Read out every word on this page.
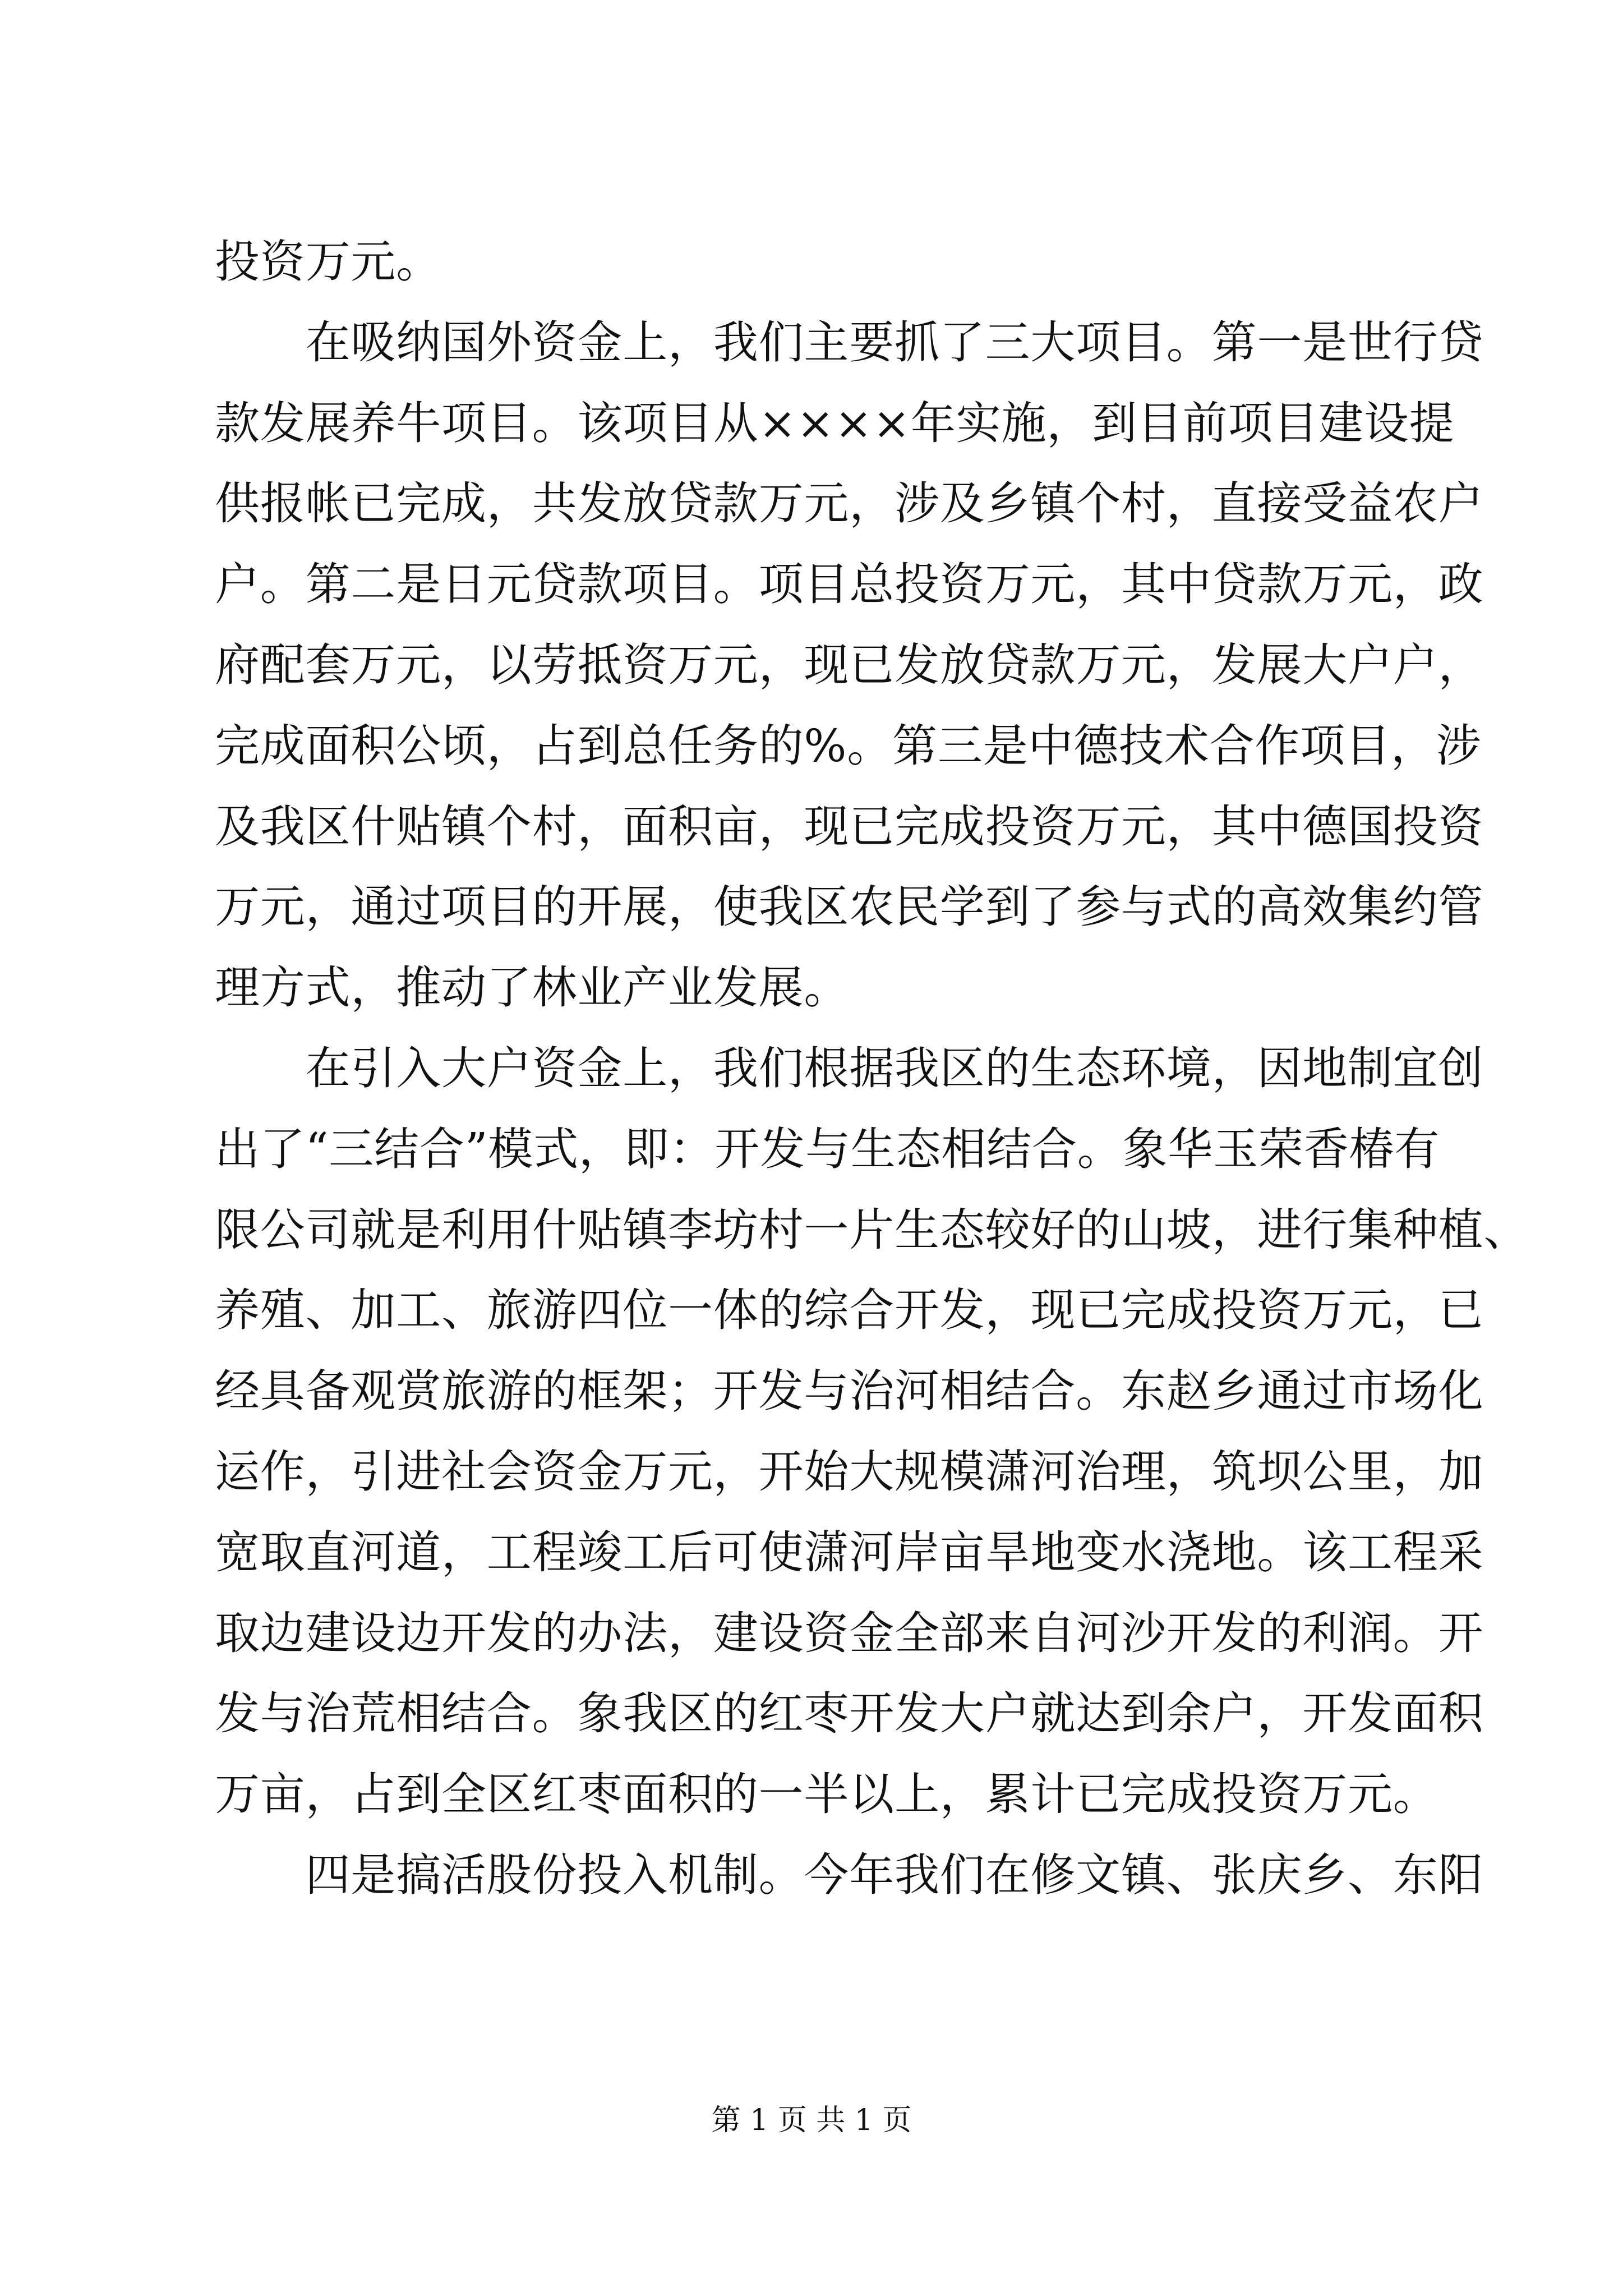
投资万元。
　　在吸纳国外资金上，我们主要抓了三大项目。第一是世行贷
款发展养牛项目。该项目从××××年实施，到目前项目建设提
供报帐已完成，共发放贷款万元，涉及乡镇个村，直接受益农户
户。第二是日元贷款项目。项目总投资万元，其中贷款万元，政
府配套万元，以劳抵资万元，现已发放贷款万元，发展大户户，
完成面积公顷，占到总任务的%。第三是中德技术合作项目，涉
及我区什贴镇个村，面积亩，现已完成投资万元，其中德国投资
万元，通过项目的开展，使我区农民学到了参与式的高效集约管
理方式，推动了林业产业发展。
　　在引入大户资金上，我们根据我区的生态环境，因地制宜创
出了“三结合”模式，即：开发与生态相结合。象华玉荣香椿有
限公司就是利用什贴镇李坊村一片生态较好的山坡，进行集种植、
养殖、加工、旅游四位一体的综合开发，现已完成投资万元，已
经具备观赏旅游的框架；开发与治河相结合。东赵乡通过市场化
运作，引进社会资金万元，开始大规模潇河治理，筑坝公里，加
宽取直河道，工程竣工后可使潇河岸亩旱地变水浇地。该工程采
取边建设边开发的办法，建设资金全部来自河沙开发的利润。开
发与治荒相结合。象我区的红枣开发大户就达到余户，开发面积
万亩，占到全区红枣面积的一半以上，累计已完成投资万元。
　　四是搞活股份投入机制。今年我们在修文镇、张庆乡、东阳
第 1 页 共 1 页
